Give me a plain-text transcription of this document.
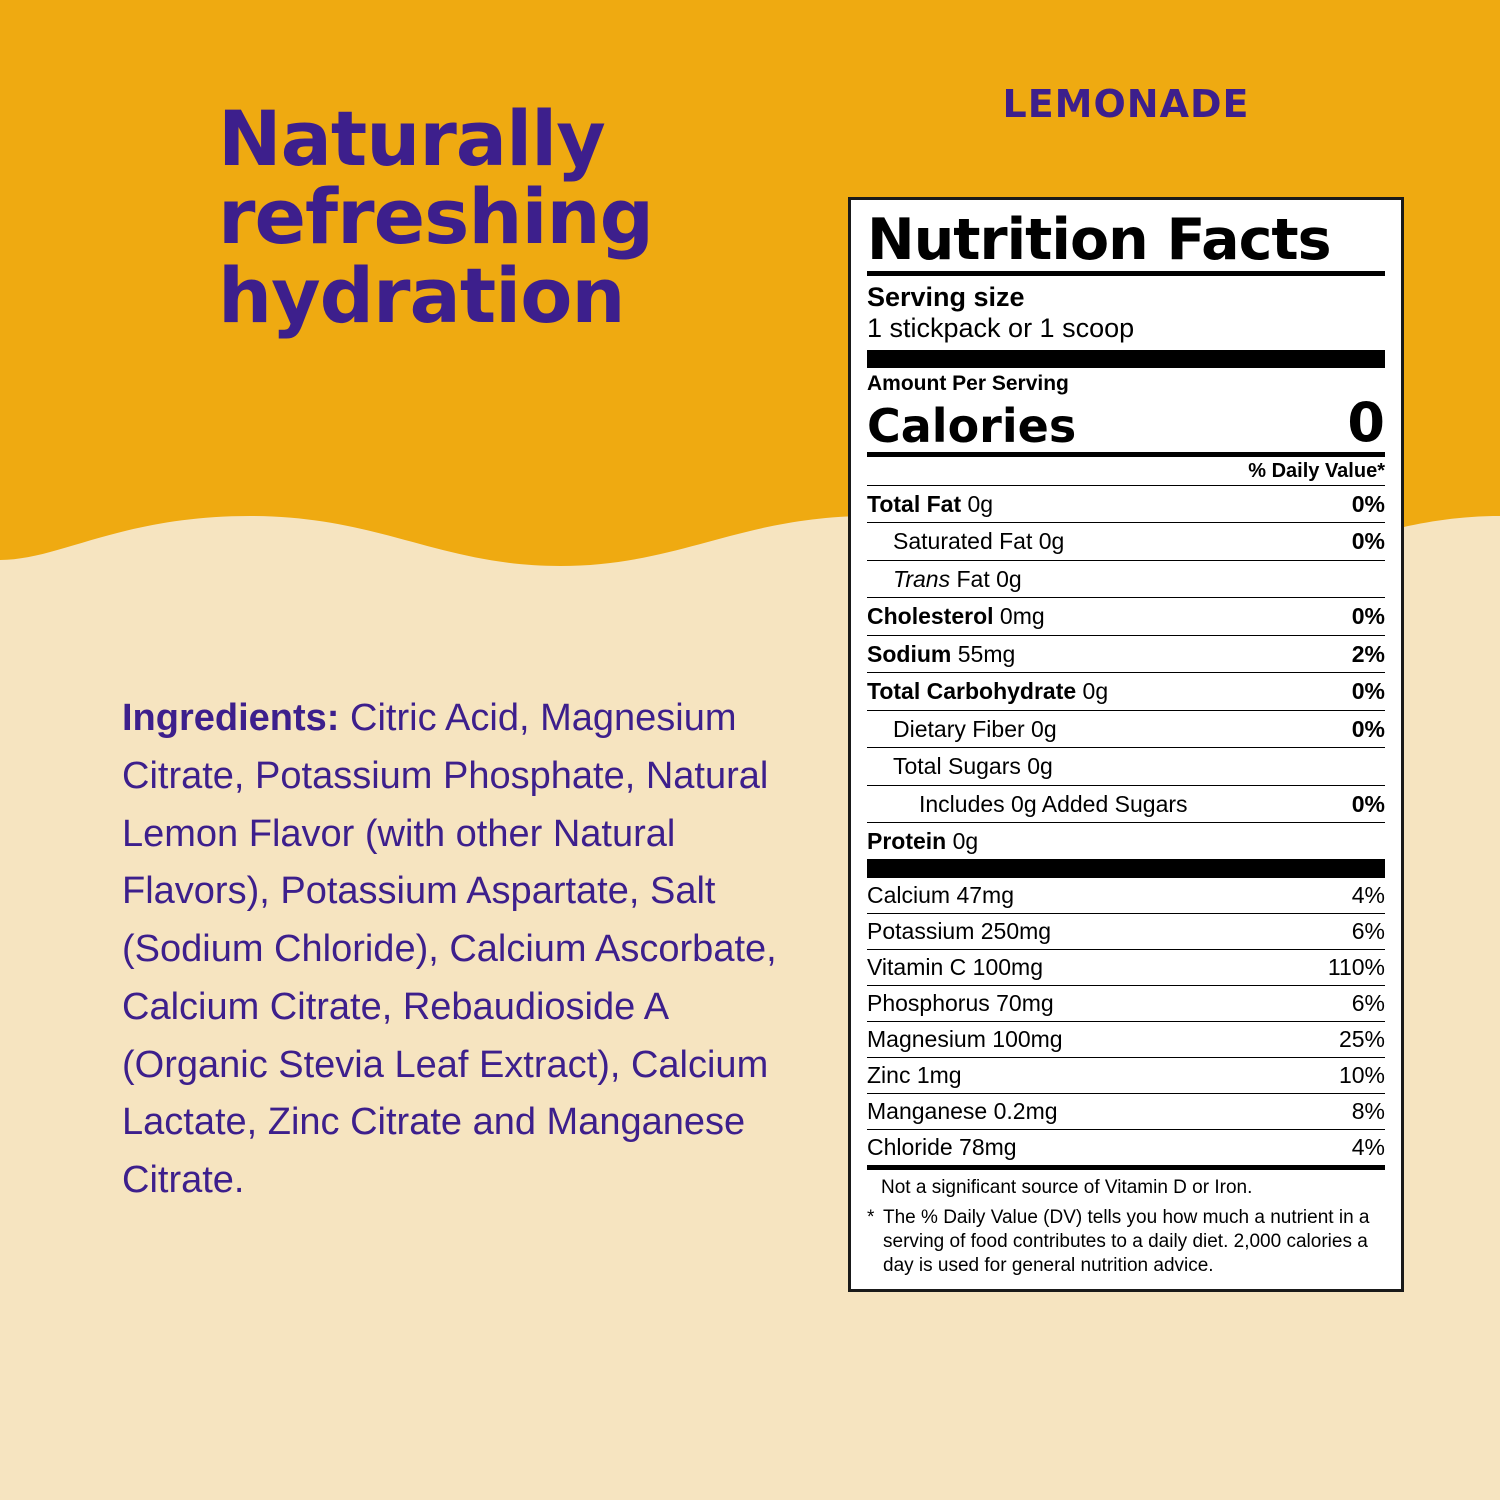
Naturally refreshing hydration
LEMONADE
Ingredients: Citric Acid, Magnesium Citrate, Potassium Phosphate, Natural Lemon Flavor (with other Natural Flavors), Potassium Aspartate, Salt (Sodium Chloride), Calcium Ascorbate, Calcium Citrate, Rebaudioside A (Organic Stevia Leaf Extract), Calcium Lactate, Zinc Citrate and Manganese Citrate.
Nutrition Facts
Serving size
1 stickpack or 1 scoop
Amount Per Serving
Calories	0
% Daily Value*
Total Fat 0g	0%
Saturated Fat 0g	0%
Trans Fat 0g
Cholesterol 0mg	0%
Sodium 55mg	2%
Total Carbohydrate 0g	0%
Dietary Fiber 0g	0%
Total Sugars 0g
Includes 0g Added Sugars	0%
Protein 0g
Calcium 47mg	4%
Potassium 250mg	6%
Vitamin C 100mg	110%
Phosphorus 70mg	6%
Magnesium 100mg	25%
Zinc 1mg	10%
Manganese 0.2mg	8%
Chloride 78mg	4%
Not a significant source of Vitamin D or Iron.
* The % Daily Value (DV) tells you how much a nutrient in a serving of food contributes to a daily diet. 2,000 calories a day is used for general nutrition advice.
